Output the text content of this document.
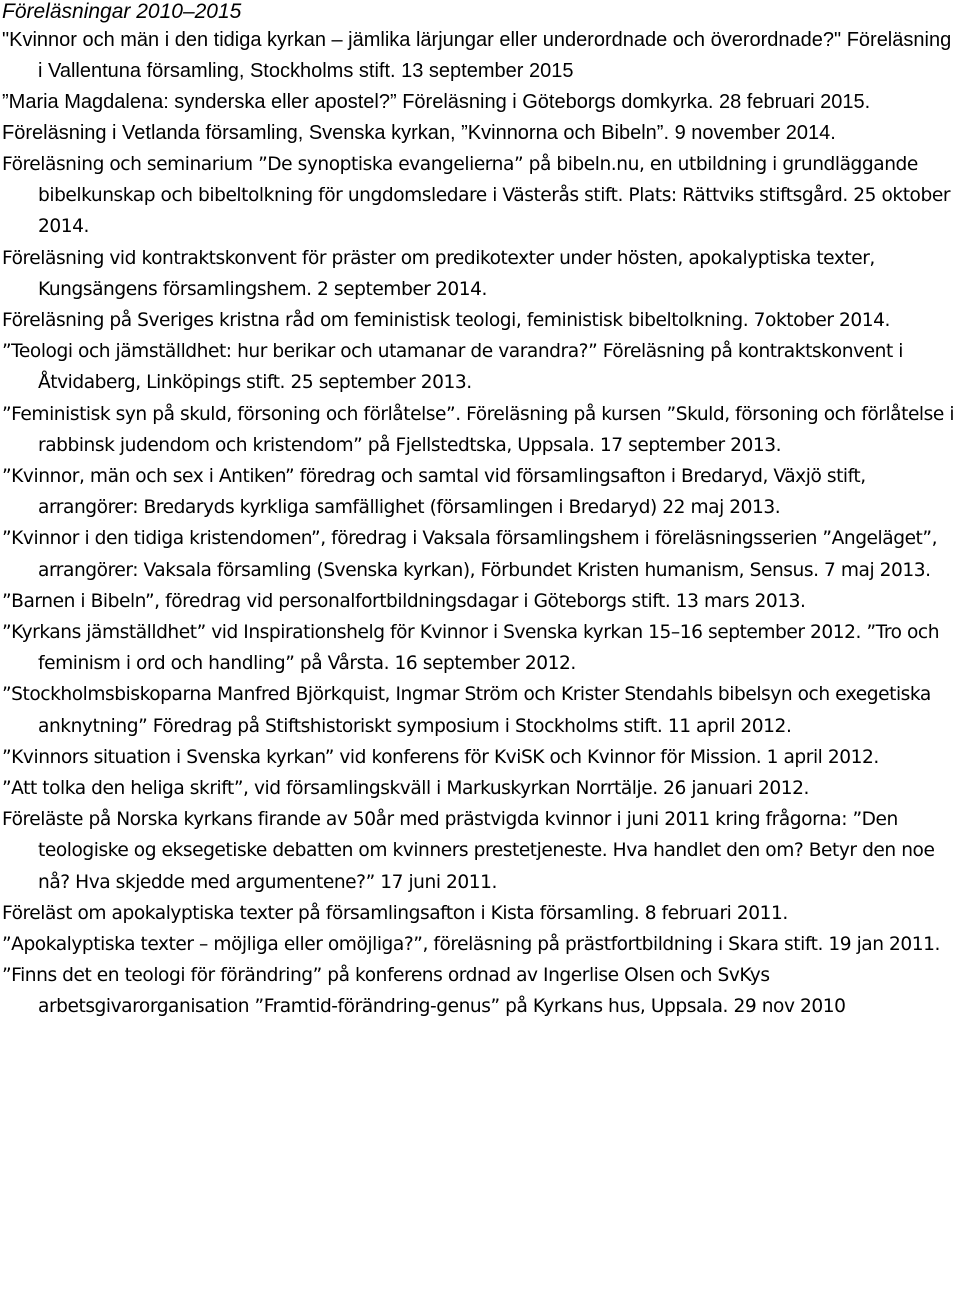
Föreläsningar 2010–2015

"Kvinnor och män i den tidiga kyrkan – jämlika lärjungar eller underordnade och överordnade?" Föreläsning i Vallentuna församling, Stockholms stift. 13 september 2015

”Maria Magdalena: synderska eller apostel?” Föreläsning i Göteborgs domkyrka. 28 februari 2015.

Föreläsning i Vetlanda församling, Svenska kyrkan, ”Kvinnorna och Bibeln”. 9 november 2014.

Föreläsning och seminarium ”De synoptiska evangelierna” på bibeln.nu, en utbildning i grundläggande bibelkunskap och bibeltolkning för ungdomsledare i Västerås stift. Plats: Rättviks stiftsgård. 25 oktober 2014.

Föreläsning vid kontraktskonvent för präster om predikotexter under hösten, apokalyptiska texter, Kungsängens församlingshem. 2 september 2014.

Föreläsning på Sveriges kristna råd om feministisk teologi, feministisk bibeltolkning. 7oktober 2014.

”Teologi och jämställdhet: hur berikar och utamanar de varandra?” Föreläsning på kontraktskonvent i Åtvidaberg, Linköpings stift. 25 september 2013.

”Feministisk syn på skuld, försoning och förlåtelse”. Föreläsning på kursen ”Skuld, försoning och förlåtelse i rabbinsk judendom och kristendom” på Fjellstedtska, Uppsala. 17 september 2013.

”Kvinnor, män och sex i Antiken” föredrag och samtal vid församlingsafton i Bredaryd, Växjö stift, arrangörer: Bredaryds kyrkliga samfällighet (församlingen i Bredaryd) 22 maj 2013.

”Kvinnor i den tidiga kristendomen”, föredrag i Vaksala församlingshem i föreläsningsserien ”Angeläget”, arrangörer: Vaksala församling (Svenska kyrkan), Förbundet Kristen humanism, Sensus. 7 maj 2013.

”Barnen i Bibeln”, föredrag vid personalfortbildningsdagar i Göteborgs stift. 13 mars 2013.

”Kyrkans jämställdhet” vid Inspirationshelg för Kvinnor i Svenska kyrkan 15–16 september 2012. ”Tro och feminism i ord och handling” på Vårsta. 16 september 2012.

”Stockholmsbiskoparna Manfred Björkquist, Ingmar Ström och Krister Stendahls bibelsyn och exegetiska anknytning” Föredrag på Stiftshistoriskt symposium i Stockholms stift. 11 april 2012.

”Kvinnors situation i Svenska kyrkan” vid konferens för KviSK och Kvinnor för Mission. 1 april 2012.

”Att tolka den heliga skrift”, vid församlingskväll i Markuskyrkan Norrtälje. 26 januari 2012.

Föreläste på Norska kyrkans firande av 50år med prästvigda kvinnor i juni 2011 kring frågorna: ”Den teologiske og eksegetiske debatten om kvinners prestetjeneste. Hva handlet den om? Betyr den noe nå? Hva skjedde med argumentene?” 17 juni 2011.

Föreläst om apokalyptiska texter på församlingsafton i Kista församling. 8 februari 2011.

”Apokalyptiska texter – möjliga eller omöjliga?”, föreläsning på prästfortbildning i Skara stift. 19 jan 2011.

”Finns det en teologi för förändring” på konferens ordnad av Ingerlise Olsen och SvKys arbetsgivarorganisation ”Framtid-förändring-genus” på Kyrkans hus, Uppsala. 29 nov 2010
